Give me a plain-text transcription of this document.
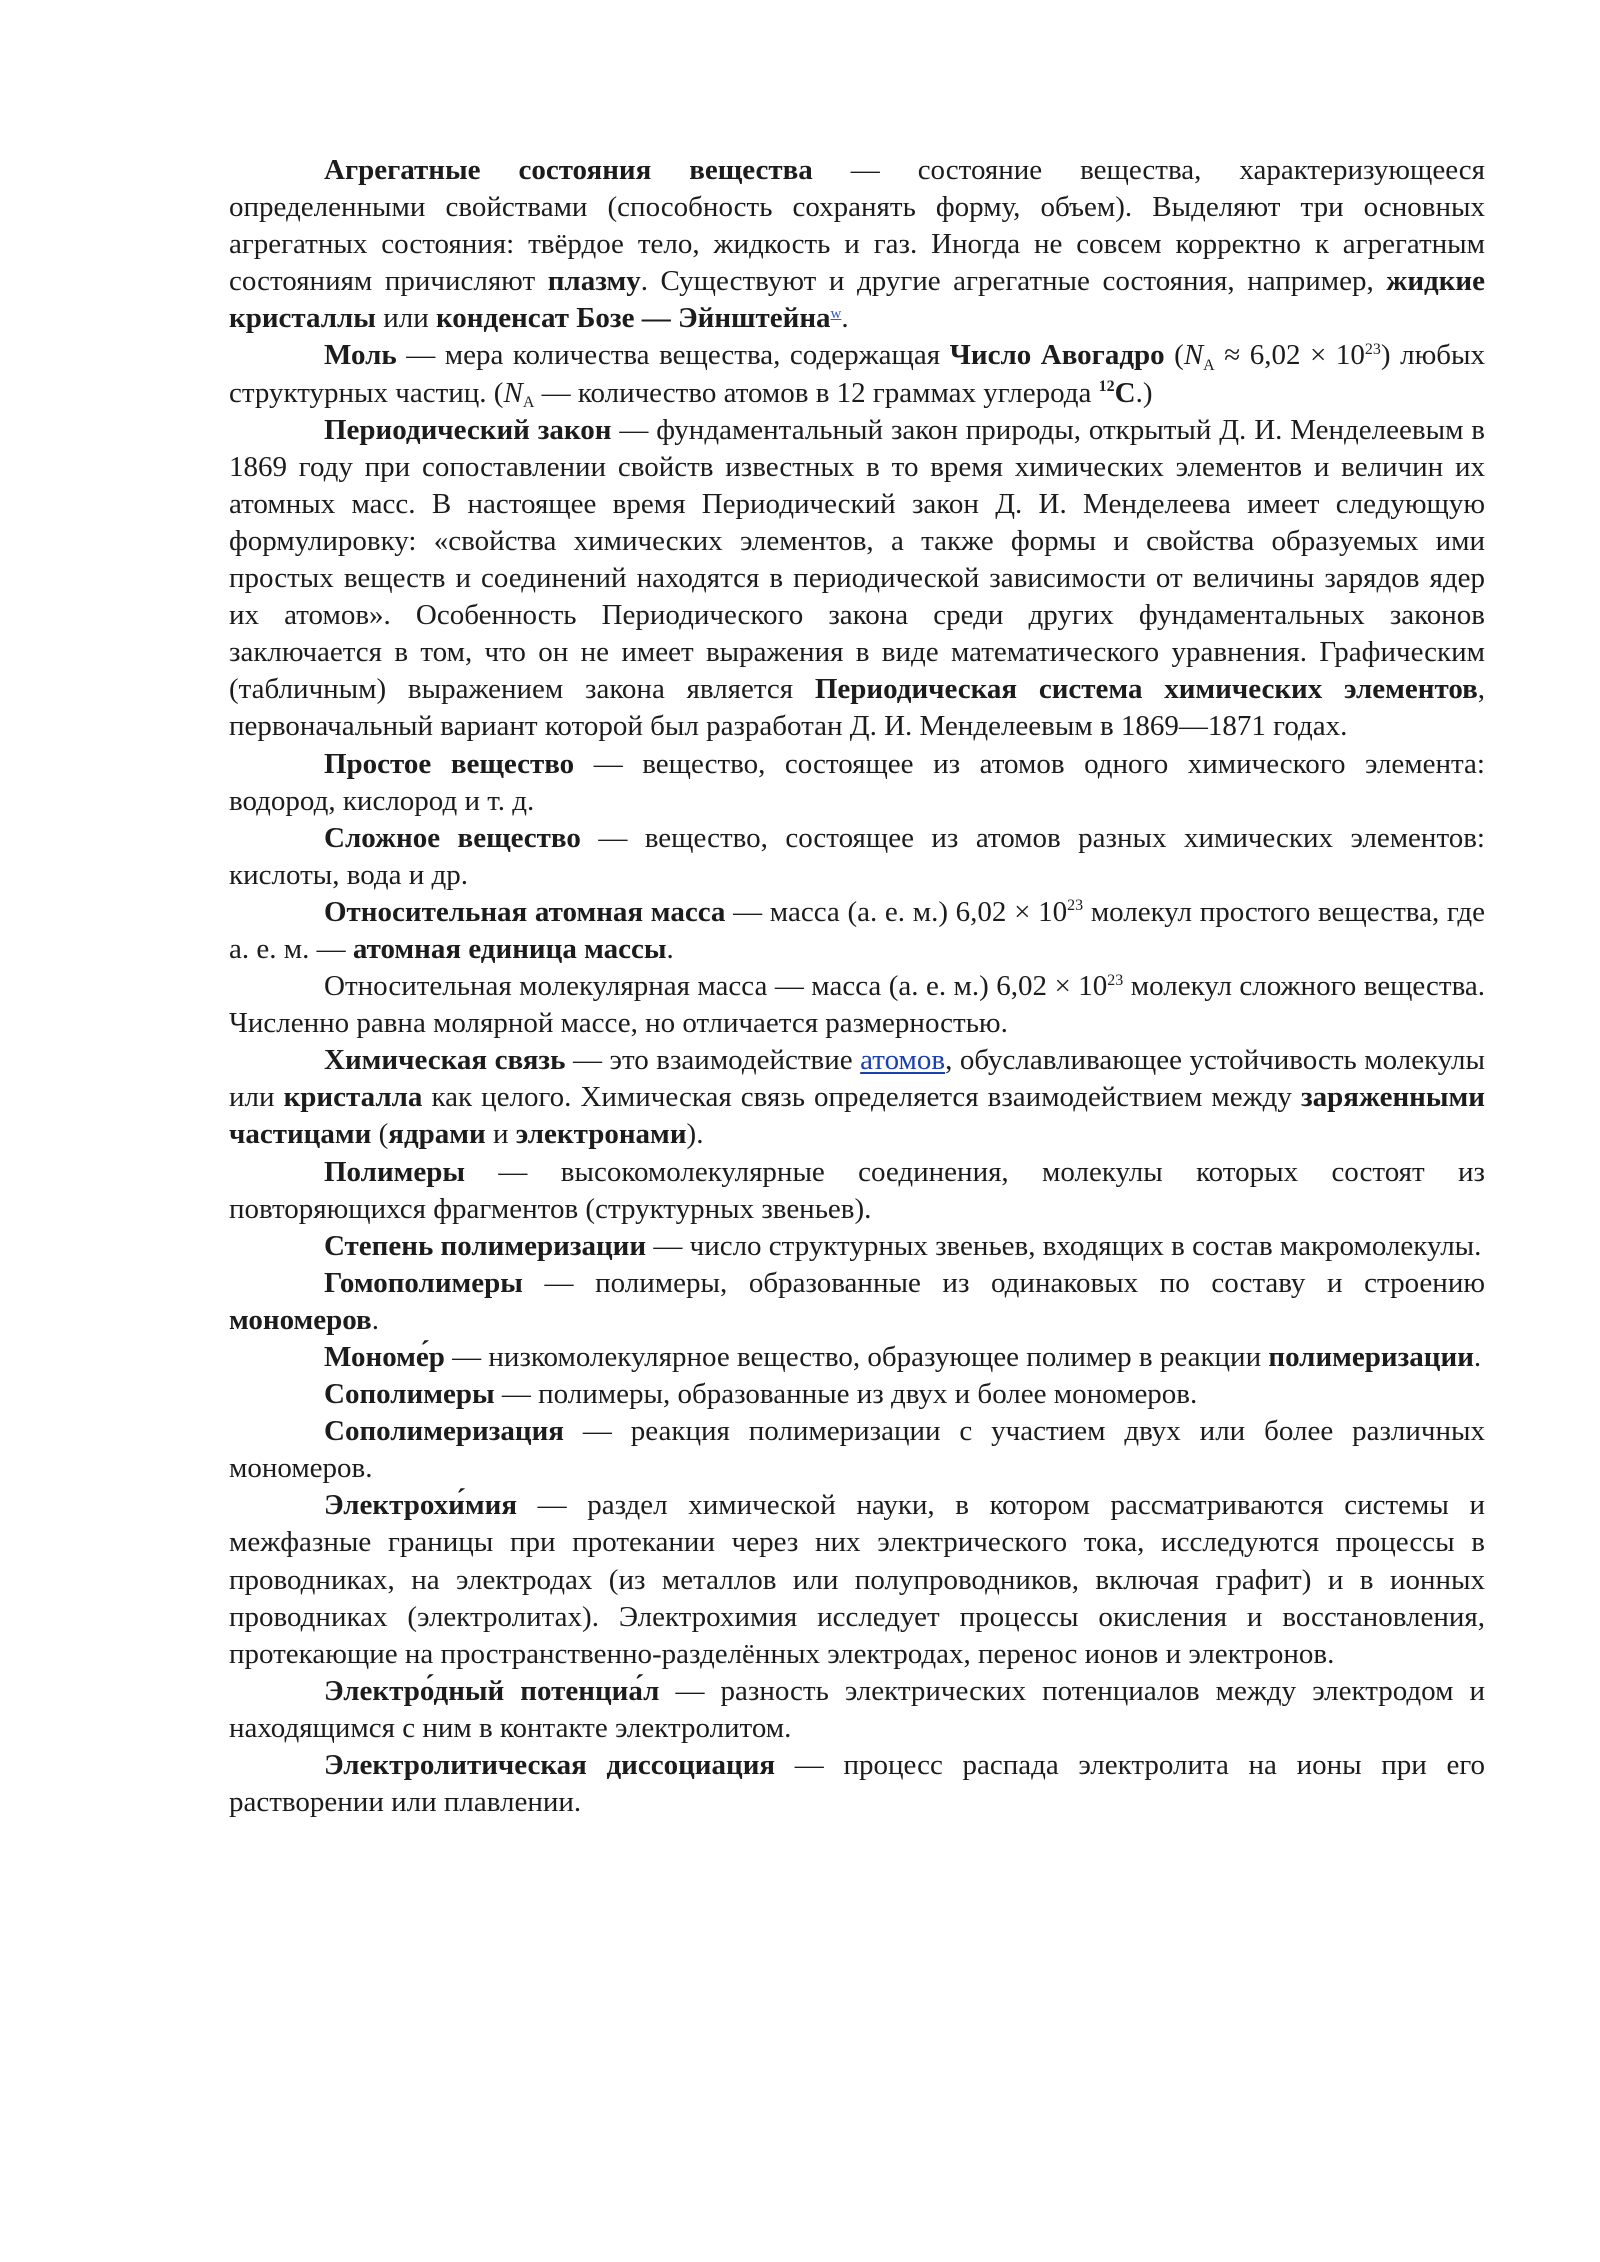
Агрегатные состояния вещества — состояние вещества, характеризующееся определенными свойствами (способность сохранять форму, объем). Выделяют три основных агрегатных состояния: твёрдое тело, жидкость и газ. Иногда не совсем корректно к агрегатным состояниям причисляют плазму. Существуют и другие агрегатные состояния, например, жидкие кристаллы или конденсат Бозе — Эйнштейна$^w$.

Моль — мера количества вещества, содержащая Число Авогадро $(N_A \approx 6,02 \times 10^{23})$ любых структурных частиц. ($N_A$ — количество атомов в 12 граммах углерода $^{12}$C.)

Периодический закон — фундаментальный закон природы, открытый Д. И. Менделеевым в 1869 году при сопоставлении свойств известных в то время химических элементов и величин их атомных масс. В настоящее время Периодический закон Д. И. Менделеева имеет следующую формулировку: «свойства химических элементов, а также формы и свойства образуемых ими простых веществ и соединений находятся в периодической зависимости от величины зарядов ядер их атомов». Особенность Периодического закона среди других фундаментальных законов заключается в том, что он не имеет выражения в виде математического уравнения. Графическим (табличным) выражением закона является Периодическая система химических элементов, первоначальный вариант которой был разработан Д. И. Менделеевым в 1869—1871 годах.

Простое вещество — вещество, состоящее из атомов одного химического элемента: водород, кислород и т. д.

Сложное вещество — вещество, состоящее из атомов разных химических элементов: кислоты, вода и др.

Относительная атомная масса — масса (а. е. м.) $6,02 \times 10^{23}$ молекул простого вещества, где а. е. м. — атомная единица массы.

Относительная молекулярная масса — масса (а. е. м.) $6,02 \times 10^{23}$ молекул сложного вещества. Численно равна молярной массе, но отличается размерностью.

Химическая связь — это взаимодействие атомов, обуславливающее устойчивость молекулы или кристалла как целого. Химическая связь определяется взаимодействием между заряженными частицами (ядрами и электронами).

Полимеры — высокомолекулярные соединения, молекулы которых состоят из повторяющихся фрагментов (структурных звеньев).

Степень полимеризации — число структурных звеньев, входящих в состав макромолекулы.

Гомополимеры — полимеры, образованные из одинаковых по составу и строению мономеров.

Мономе́р — низкомолекулярное вещество, образующее полимер в реакции полимеризации.

Сополимеры — полимеры, образованные из двух и более мономеров.

Сополимеризация — реакция полимеризации с участием двух или более различных мономеров.

Электрохи́мия — раздел химической науки, в котором рассматриваются системы и межфазные границы при протекании через них электрического тока, исследуются процессы в проводниках, на электродах (из металлов или полупроводников, включая графит) и в ионных проводниках (электролитах). Электрохимия исследует процессы окисления и восстановления, протекающие на пространственно-разделённых электродах, перенос ионов и электронов.

Электро́дный потенциа́л — разность электрических потенциалов между электродом и находящимся с ним в контакте электролитом.

Электролитическая диссоциация — процесс распада электролита на ионы при его растворении или плавлении.
